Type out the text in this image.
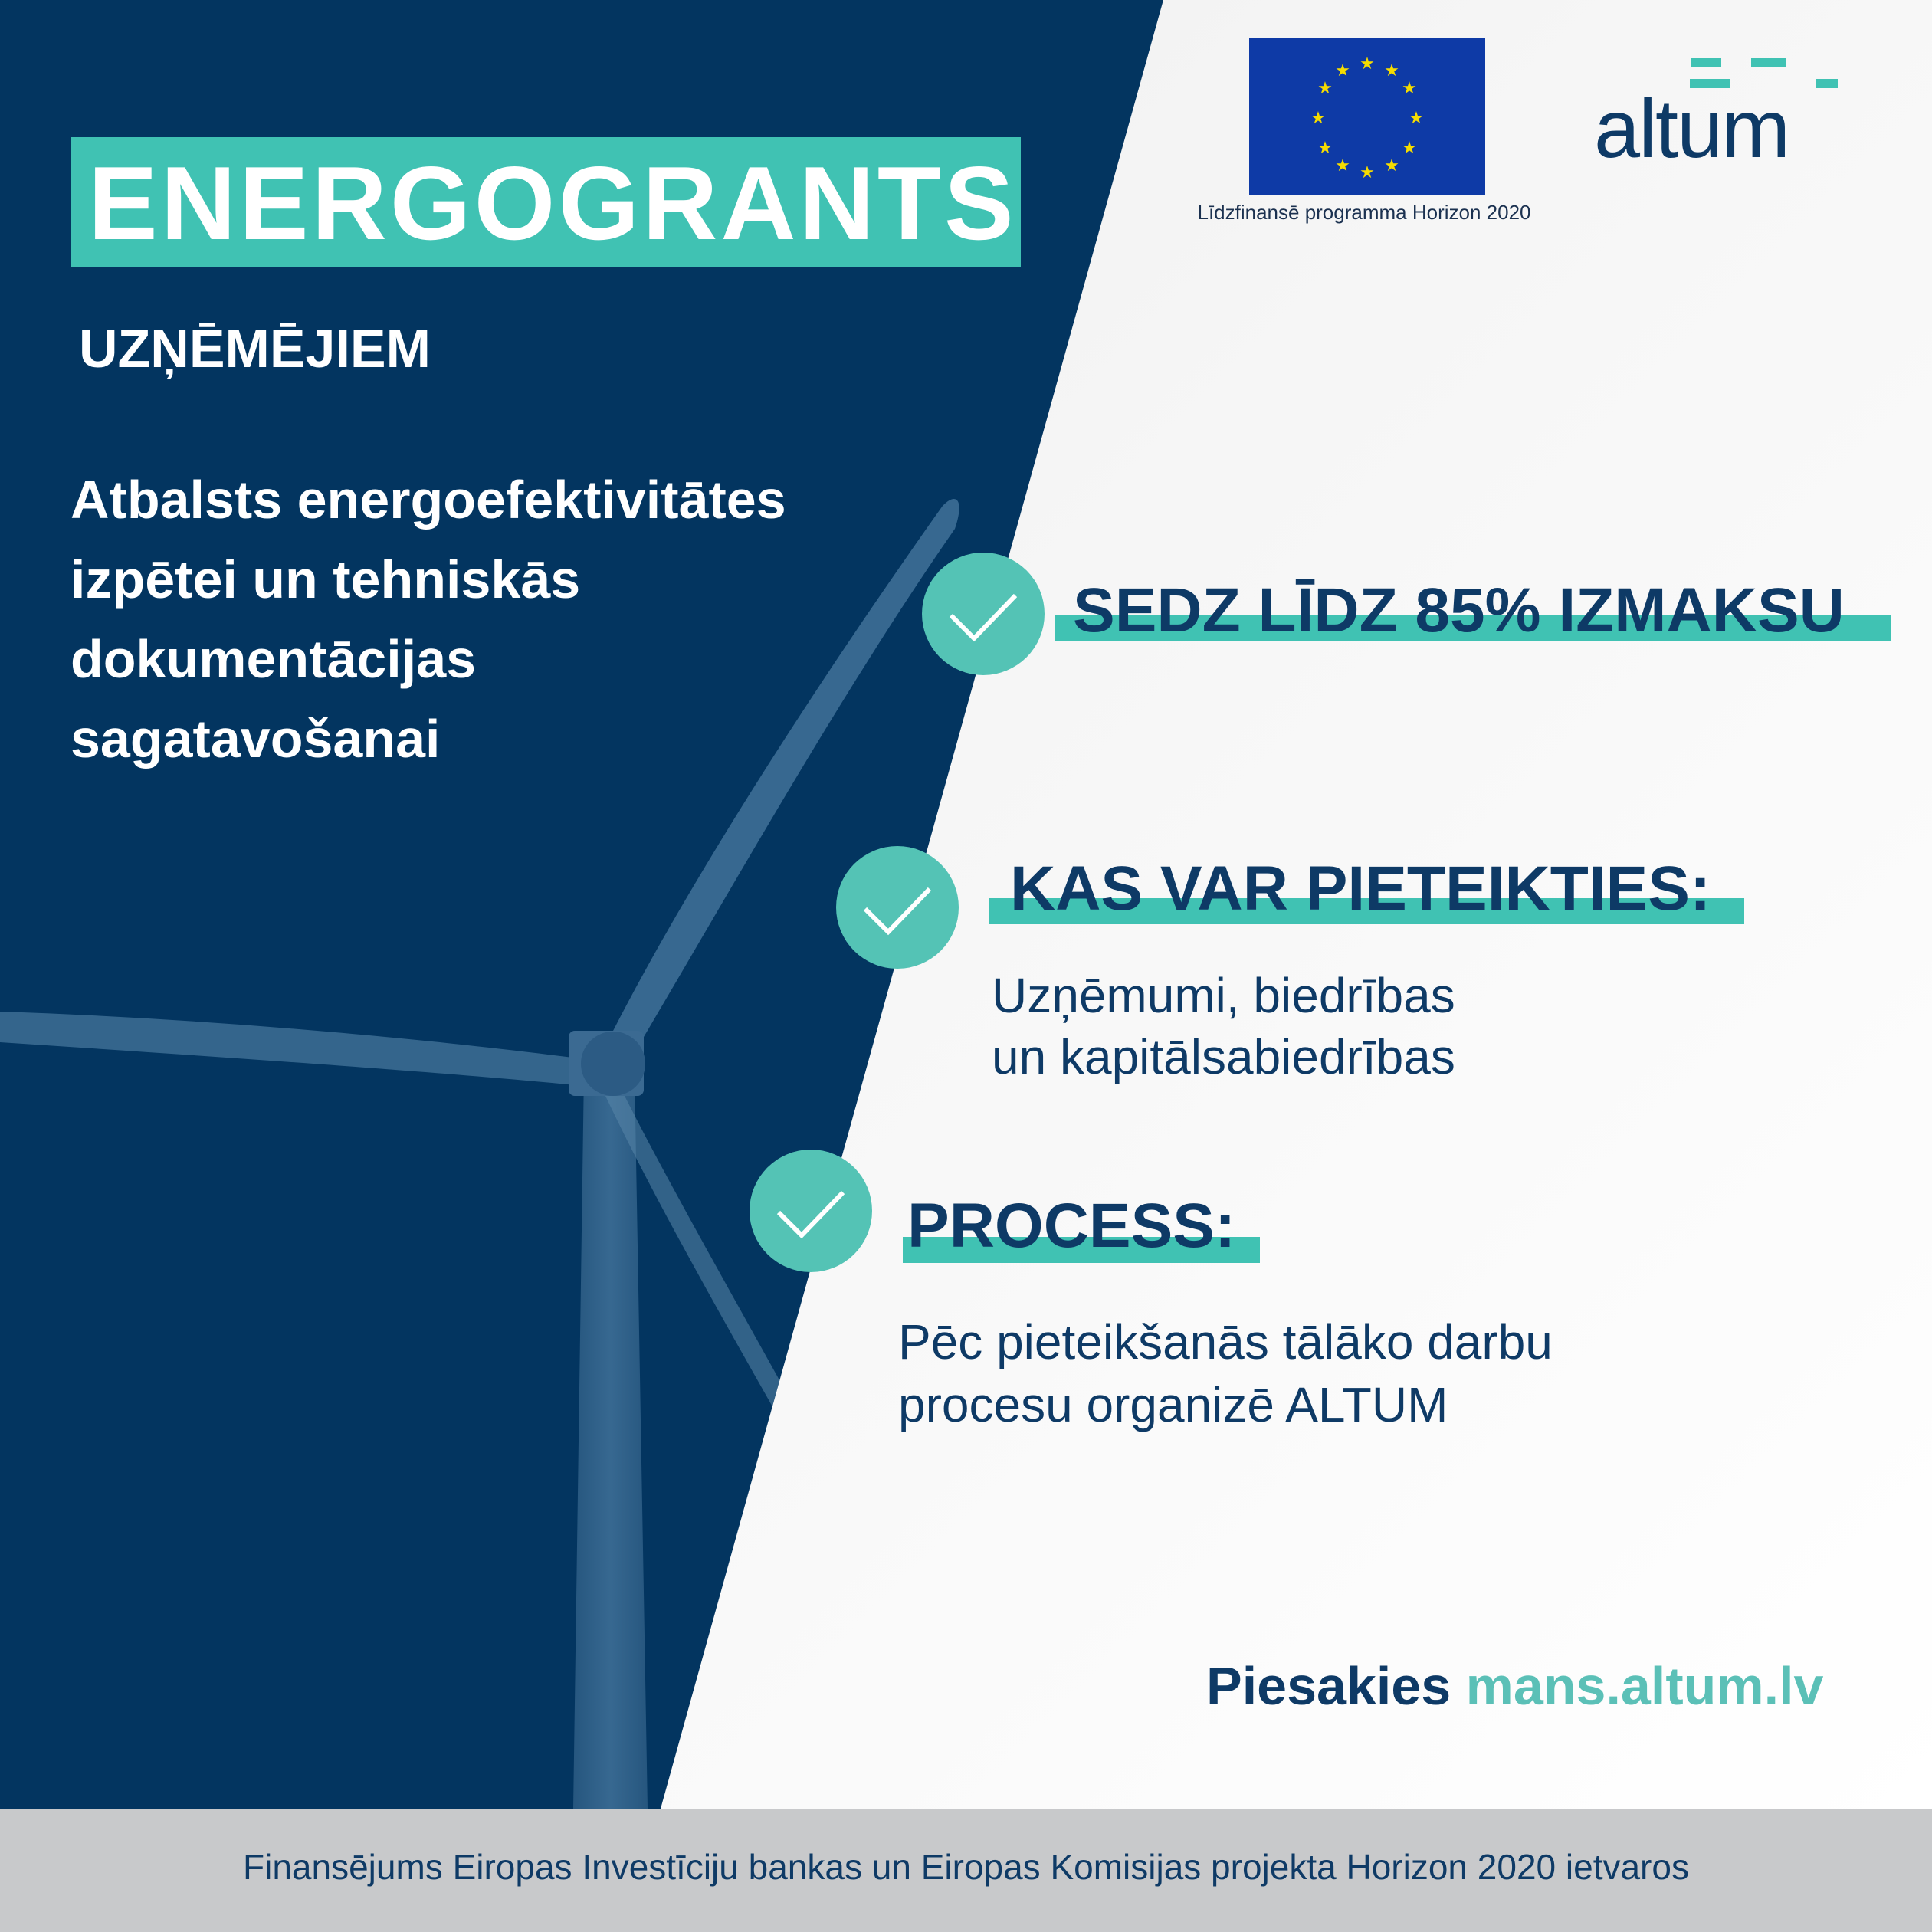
ENERGOGRANTS
UZŅĒMĒJIEM
Atbalsts energoefektivitātes
izpētei un tehniskās
dokumentācijas
sagatavošanai
★ ★
★
★
★
★
★
★
★
★
★
★
Līdzfinansē programma Horizon 2020
altum
SEDZ LĪDZ 85% IZMAKSU
KAS VAR PIETEIKTIES:
Uzņēmumi, biedrības
un kapitālsabiedrības
PROCESS:
Pēc pieteikšanās tālāko darbu
procesu organizē ALTUM
Piesakies mans.altum.lv
Finansējums Eiropas Investīciju bankas un Eiropas Komisijas projekta Horizon 2020 ietvaros
